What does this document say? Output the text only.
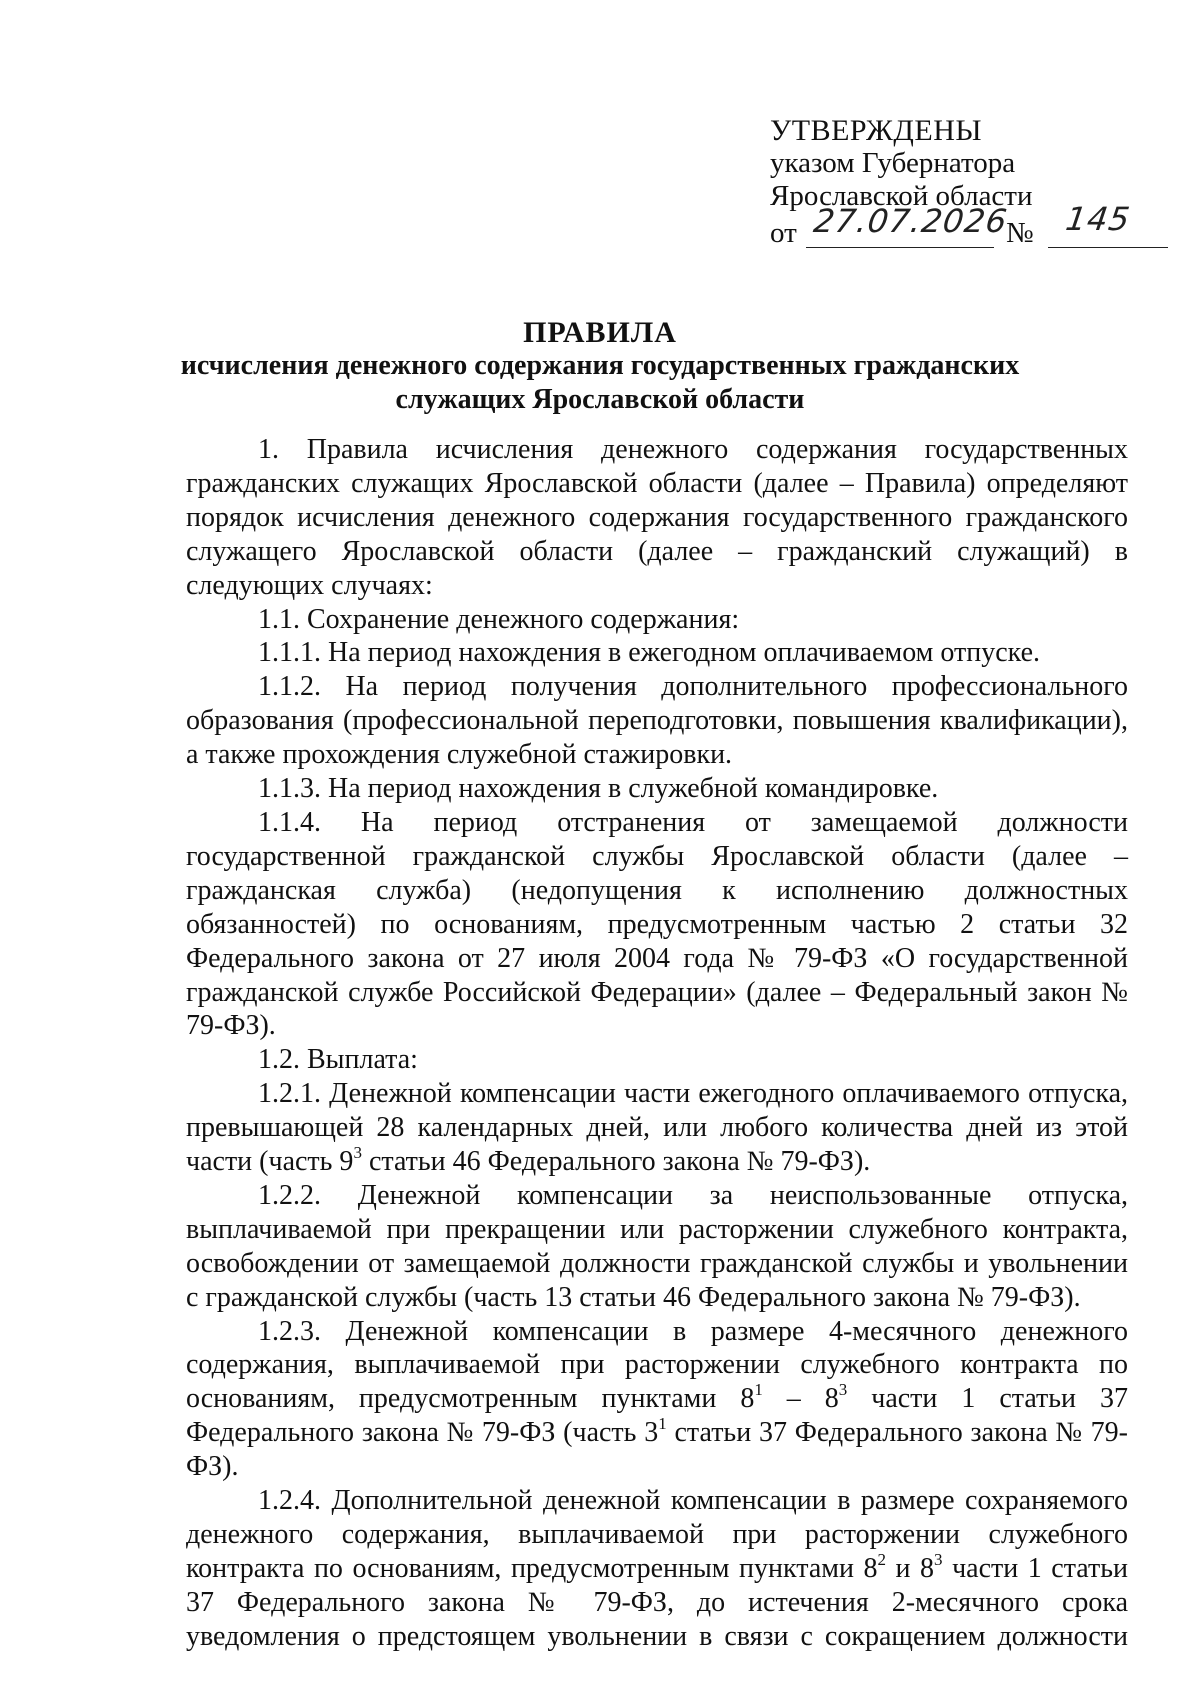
УТВЕРЖДЕНЫ
указом Губернатора
Ярославской области
от 27.07.2026
№ 145
ПРАВИЛА
исчисления денежного содержания государственных гражданских
служащих Ярославской области

1. Правила исчисления денежного содержания государственных гражданских служащих Ярославской области (далее – Правила) определяют порядок исчисления денежного содержания государственного гражданского служащего Ярославской области (далее – гражданский служащий) в следующих случаях:

1.1. Сохранение денежного содержания:

1.1.1. На период нахождения в ежегодном оплачиваемом отпуске.

1.1.2. На период получения дополнительного профессионального образования (профессиональной переподготовки, повышения квалификации), а также прохождения служебной стажировки.

1.1.3. На период нахождения в служебной командировке.

1.1.4. На период отстранения от замещаемой должности государственной гражданской службы Ярославской области (далее – гражданская служба) (недопущения к исполнению должностных обязанностей) по основаниям, предусмотренным частью 2 статьи 32 Федерального закона от 27 июля 2004 года № 79-ФЗ «О государственной гражданской службе Российской Федерации» (далее – Федеральный закон № 79-ФЗ).

1.2. Выплата:

1.2.1. Денежной компенсации части ежегодного оплачиваемого отпуска, превышающей 28 календарных дней, или любого количества дней из этой части (часть $9^3$ статьи 46 Федерального закона № 79-ФЗ).

1.2.2. Денежной компенсации за неиспользованные отпуска, выплачиваемой при прекращении или расторжении служебного контракта, освобождении от замещаемой должности гражданской службы и увольнении с гражданской службы (часть 13 статьи 46 Федерального закона № 79-ФЗ).

1.2.3. Денежной компенсации в размере 4-месячного денежного содержания, выплачиваемой при расторжении служебного контракта по основаниям, предусмотренным пунктами $8^1 - 8^3$ части 1 статьи 37 Федерального закона № 79-ФЗ (часть $3^1$ статьи 37 Федерального закона № 79-ФЗ).

1.2.4. Дополнительной денежной компенсации в размере сохраняемого денежного содержания, выплачиваемой при расторжении служебного контракта по основаниям, предусмотренным пунктами $8^2$ и $8^3$ части 1 статьи 37 Федерального закона № 79-ФЗ, до истечения 2-месячного срока уведомления о предстоящем увольнении в связи с сокращением должности
